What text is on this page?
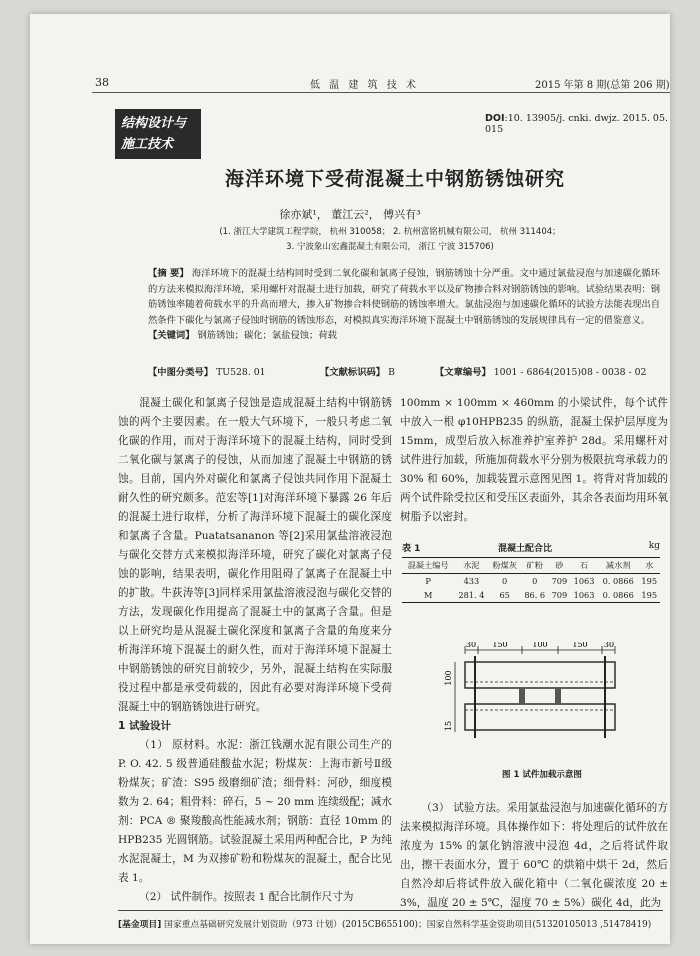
38	低 温 建 筑 技 术	2015 年第 8 期(总第 206 期)
结构设计与
施工技术
DOI:10. 13905/j. cnki. dwjz. 2015. 05. 015
海洋环境下受荷混凝土中钢筋锈蚀研究
徐亦斌¹， 董江云²， 傅兴有³
(1. 浙江大学建筑工程学院， 杭州 310058； 2. 杭州富铭机械有限公司， 杭州 311404；
3. 宁波象山宏鑫混凝土有限公司， 浙江 宁波 315706)
【摘 要】 海洋环境下的混凝土结构同时受到二氧化碳和氯离子侵蚀，钢筋锈蚀十分严重。文中通过氯盐浸泡与加速碳化循环的方法来模拟海洋环境，采用螺杆对混凝土进行加载，研究了荷载水平以及矿物掺合料对钢筋锈蚀的影响。试验结果表明：钢筋锈蚀率随着荷载水平的升高而增大，掺入矿物掺合料使钢筋的锈蚀率增大。氯盐浸泡与加速碳化循环的试验方法能表现出自然条件下碳化与氯离子侵蚀时钢筋的锈蚀形态，对模拟真实海洋环境下混凝土中钢筋锈蚀的发展规律具有一定的借鉴意义。
【关键词】 钢筋锈蚀；碳化；氯盐侵蚀；荷载
【中图分类号】 TU528. 01	【文献标识码】 B	【文章编号】 1001 - 6864(2015)08 - 0038 - 02

混凝土碳化和氯离子侵蚀是造成混凝土结构中钢筋锈蚀的两个主要因素。在一般大气环境下，一般只考虑二氧化碳的作用，而对于海洋环境下的混凝土结构，同时受到二氧化碳与氯离子的侵蚀，从而加速了混凝土中钢筋的锈蚀。目前，国内外对碳化和氯离子侵蚀共同作用下混凝土耐久性的研究颇多。范宏等[1]对海洋环境下暴露 26 年后的混凝土进行取样，分析了海洋环境下混凝土的碳化深度和氯离子含量。Puatatsananon 等[2]采用氯盐溶液浸泡与碳化交替方式来模拟海洋环境，研究了碳化对氯离子侵蚀的影响，结果表明，碳化作用阻碍了氯离子在混凝土中的扩散。牛荻涛等[3]同样采用氯盐溶液浸泡与碳化交替的方法，发现碳化作用提高了混凝土中的氯离子含量。但是以上研究均是从混凝土碳化深度和氯离子含量的角度来分析海洋环境下混凝土的耐久性，而对于海洋环境下混凝土中钢筋锈蚀的研究目前较少，另外，混凝土结构在实际服役过程中都是承受荷载的，因此有必要对海洋环境下受荷混凝土中的钢筋锈蚀进行研究。

1 试验设计

（1） 原材料。水泥：浙江钱潮水泥有限公司生产的 P. O. 42. 5 级普通硅酸盐水泥；粉煤灰：上海市新号Ⅱ级粉煤灰；矿渣：S95 级磨细矿渣；细骨料：河砂，细度模数为 2. 64；粗骨料：碎石，5 ~ 20 mm 连续级配；减水剂：PCA ® 聚羧酸高性能减水剂；钢筋：直径 10mm 的 HPB235 光圆钢筋。试验混凝土采用两种配合比，P 为纯水泥混凝土，M 为双掺矿粉和粉煤灰的混凝土，配合比见表 1。

（2） 试件制作。按照表 1 配合比制作尺寸为

100mm × 100mm × 460mm 的小梁试件，每个试件中放入一根 φ10HPB235 的纵筋，混凝土保护层厚度为 15mm，成型后放入标准养护室养护 28d。采用螺杆对试件进行加载，所施加荷载水平分别为极限抗弯承载力的 30% 和 60%，加载装置示意图见图 1。将背对背加载的两个试件除受拉区和受压区表面外，其余各表面均用环氧树脂予以密封。

表 1	混凝土配合比	kg
混凝土编号	水泥	粉煤灰	矿粉	砂	石	减水剂	水
P	433	0	0	709	1063	0. 0866	195
M	281. 4	65	86. 6	709	1063	0. 0866	195
30 150	100	150 30
100
15
图 1 试件加载示意图

（3） 试验方法。采用氯盐浸泡与加速碳化循环的方法来模拟海洋环境。具体操作如下：将处理后的试件放在浓度为 15% 的氯化钠溶液中浸泡 4d，之后将试件取出，擦干表面水分，置于 60℃ 的烘箱中烘干 2d，然后自然冷却后将试件放入碳化箱中（二氧化碳浓度 20 ± 3%，温度 20 ± 5℃，湿度 70 ± 5%）碳化 4d，此为

[基金项目] 国家重点基础研究发展计划资助（973 计划）(2015CB655100)；国家自然科学基金资助项目(51320105013 ,51478419)
